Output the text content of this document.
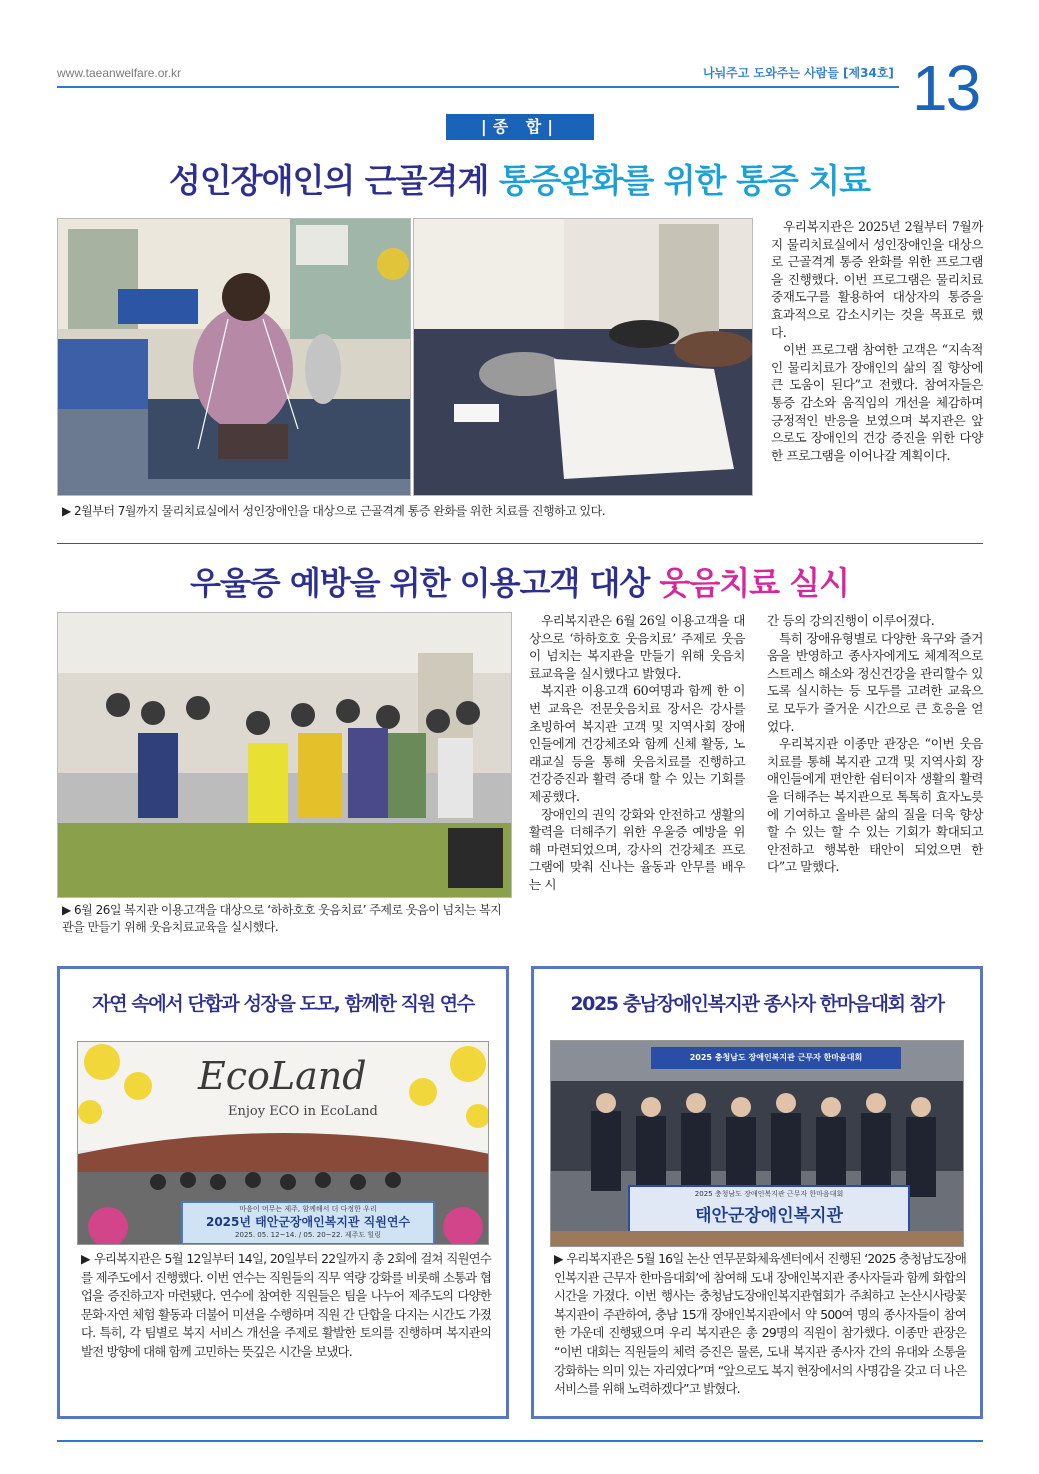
www.taeanwelfare.or.kr	나눠주고 도와주는 사람들 [제34호] 13
|종 합|
성인장애인의 근골격계 통증완화를 위한 통증 치료
▶ 2월부터 7월까지 물리치료실에서 성인장애인을 대상으로 근골격계 통증 완화를 위한 치료를 진행하고 있다.

우리복지관은 2025년 2월부터 7월까지 물리치료실에서 성인장애인을 대상으로 근골격계 통증 완화를 위한 프로그램을 진행했다. 이번 프로그램은 물리치료 중재도구를 활용하여 대상자의 통증을 효과적으로 감소시키는 것을 목표로 했다.

이번 프로그램 참여한 고객은 “지속적인 물리치료가 장애인의 삶의 질 향상에 큰 도움이 된다”고 전했다. 참여자들은 통증 감소와 움직임의 개선을 체감하며 긍정적인 반응을 보였으며 복지관은 앞으로도 장애인의 건강 증진을 위한 다양한 프로그램을 이어나갈 계획이다.

우울증 예방을 위한 이용고객 대상 웃음치료 실시
▶ 6월 26일 복지관 이용고객을 대상으로 ‘하하호호 웃음치료’ 주제로 웃음이 넘치는 복지관을 만들기 위해 웃음치료교육을 실시했다.

우리복지관은 6월 26일 이용고객을 대상으로 ‘하하호호 웃음치료’ 주제로 웃음이 넘치는 복지관을 만들기 위해 웃음치료교육을 실시했다고 밝혔다.

복지관 이용고객 60여명과 함께 한 이번 교육은 전문웃음치료 장서은 강사를 초빙하여 복지관 고객 및 지역사회 장애인들에게 건강체조와 함께 신체 활동, 노래교실 등을 통해 웃음치료를 진행하고 건강증진과 활력 증대 할 수 있는 기회를 제공했다.

장애인의 권익 강화와 안전하고 생활의 활력을 더해주기 위한 우울증 예방을 위해 마련되었으며, 강사의 건강체조 프로그램에 맞춰 신나는 율동과 안무를 배우는 시

간 등의 강의진행이 이루어졌다.

특히 장애유형별로 다양한 육구와 즐거움을 반영하고 종사자에게도 체계적으로 스트레스 해소와 정신건강을 관리할수 있도록 실시하는 등 모두를 고려한 교육으로 모두가 즐거운 시간으로 큰 호응을 얻었다.

우리복지관 이종만 관장은 “이번 웃음치료를 통해 복지관 고객 및 지역사회 장애인들에게 편안한 쉼터이자 생활의 활력을 더해주는 복지관으로 톡톡히 효자노릇에 기여하고 올바른 삶의 질을 더욱 향상할 수 있는 할 수 있는 기회가 확대되고 안전하고 행복한 태안이 되었으면 한다”고 말했다.

자연 속에서 단합과 성장을 도모, 함께한 직원 연수
EcoLand
Enjoy ECO in EcoLand
마음이 머무는 제주, 함께해서 더 다정한 우리
2025년 태안군장애인복지관 직원연수
2025. 05. 12~14. / 05. 20~22. 제주도 힐링
▶ 우리복지관은 5월 12일부터 14일, 20일부터 22일까지 총 2회에 걸쳐 직원연수를 제주도에서 진행했다. 이번 연수는 직원들의 직무 역량 강화를 비롯해 소통과 협업을 증진하고자 마련됐다. 연수에 참여한 직원들은 팀을 나누어 제주도의 다양한 문화·자연 체험 활동과 더불어 미션을 수행하며 직원 간 단합을 다지는 시간도 가졌다. 특히, 각 팀별로 복지 서비스 개선을 주제로 활발한 토의를 진행하며 복지관의 발전 방향에 대해 함께 고민하는 뜻깊은 시간을 보냈다.
2025 충남장애인복지관 종사자 한마음대회 참가
2025 충청남도 장애인복지관 근무자 한마음대회
2025 충청남도 장애인복지관 근무자 한마음대회
태안군장애인복지관
▶ 우리복지관은 5월 16일 논산 연무문화체육센터에서 진행된 ‘2025 충청남도장애인복지관 근무자 한마음대회’에 참여해 도내 장애인복지관 종사자들과 함께 화합의 시간을 가졌다. 이번 행사는 충청남도장애인복지관협회가 주최하고 논산시사랑꽃복지관이 주관하여, 충남 15개 장애인복지관에서 약 500여 명의 종사자들이 참여한 가운데 진행됐으며 우리 복지관은 총 29명의 직원이 참가했다. 이종만 관장은 “이번 대회는 직원들의 체력 증진은 물론, 도내 복지관 종사자 간의 유대와 소통을 강화하는 의미 있는 자리였다”며 “앞으로도 복지 현장에서의 사명감을 갖고 더 나은 서비스를 위해 노력하겠다”고 밝혔다.
